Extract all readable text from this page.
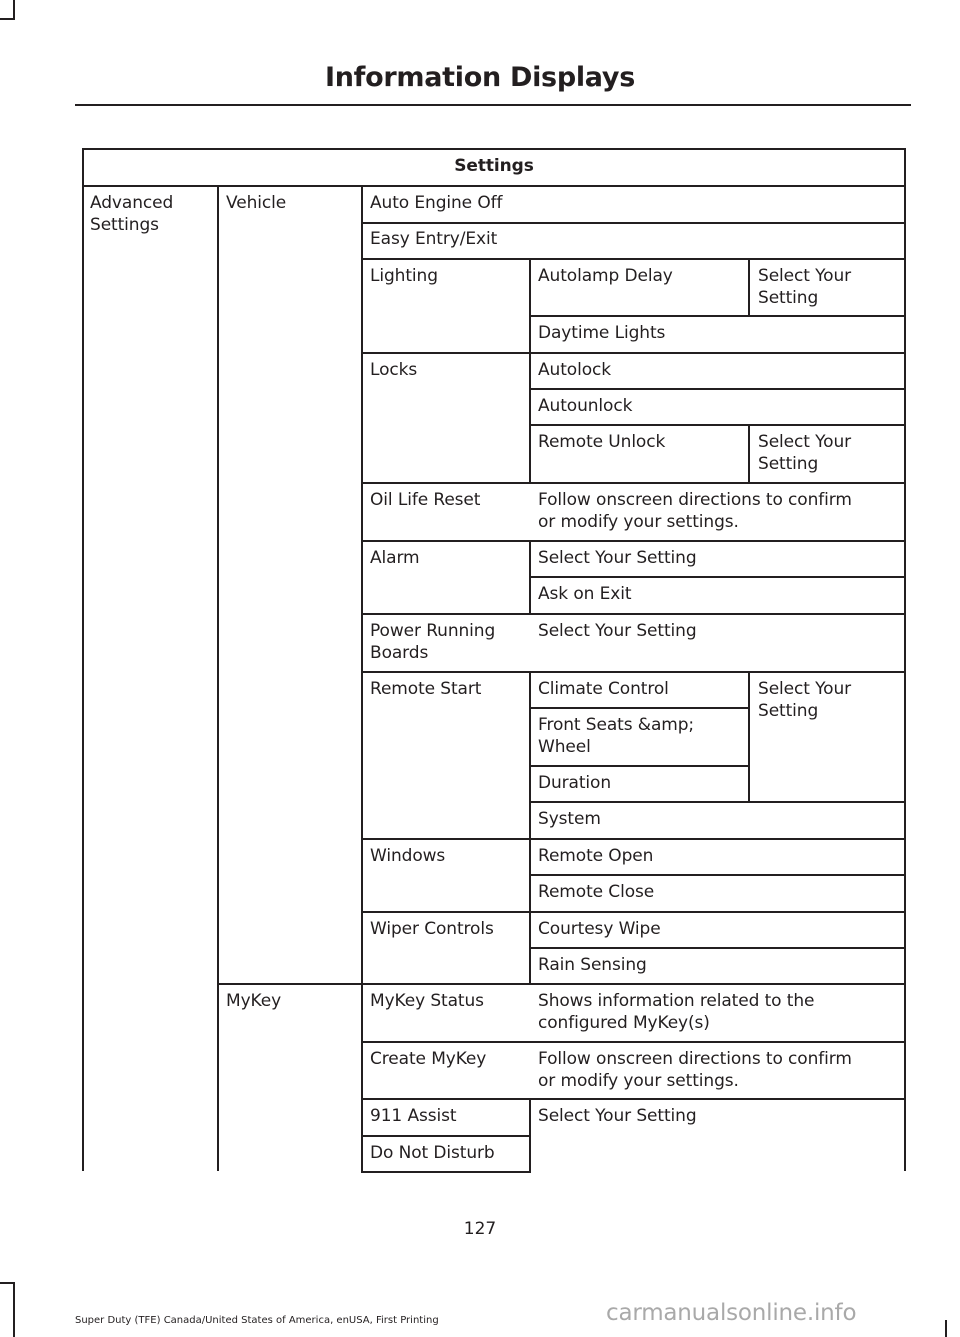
Information Displays
Settings
Advanced
Settings
Vehicle
MyKey
Auto Engine Off
Easy Entry/Exit
Lighting
Locks
Oil Life Reset
Alarm
Power Running
Boards
Remote Start
Windows
Wiper Controls
MyKey Status
Create MyKey
911 Assist
Do Not Disturb
Autolamp Delay
Daytime Lights
Autolock
Autounlock
Remote Unlock
Follow onscreen directions to confirm
or modify your settings.
Select Your Setting
Ask on Exit
Select Your Setting
Climate Control
Front Seats &amp;
Wheel
Duration
System
Remote Open
Remote Close
Courtesy Wipe
Rain Sensing
Shows information related to the
configured MyKey(s)
Follow onscreen directions to confirm
or modify your settings.
Select Your Setting
Select Your
Setting
Select Your
Setting
Select Your
Setting
127
Super Duty (TFE) Canada/United States of America, enUSA, First Printing	carmanualsonline.info
